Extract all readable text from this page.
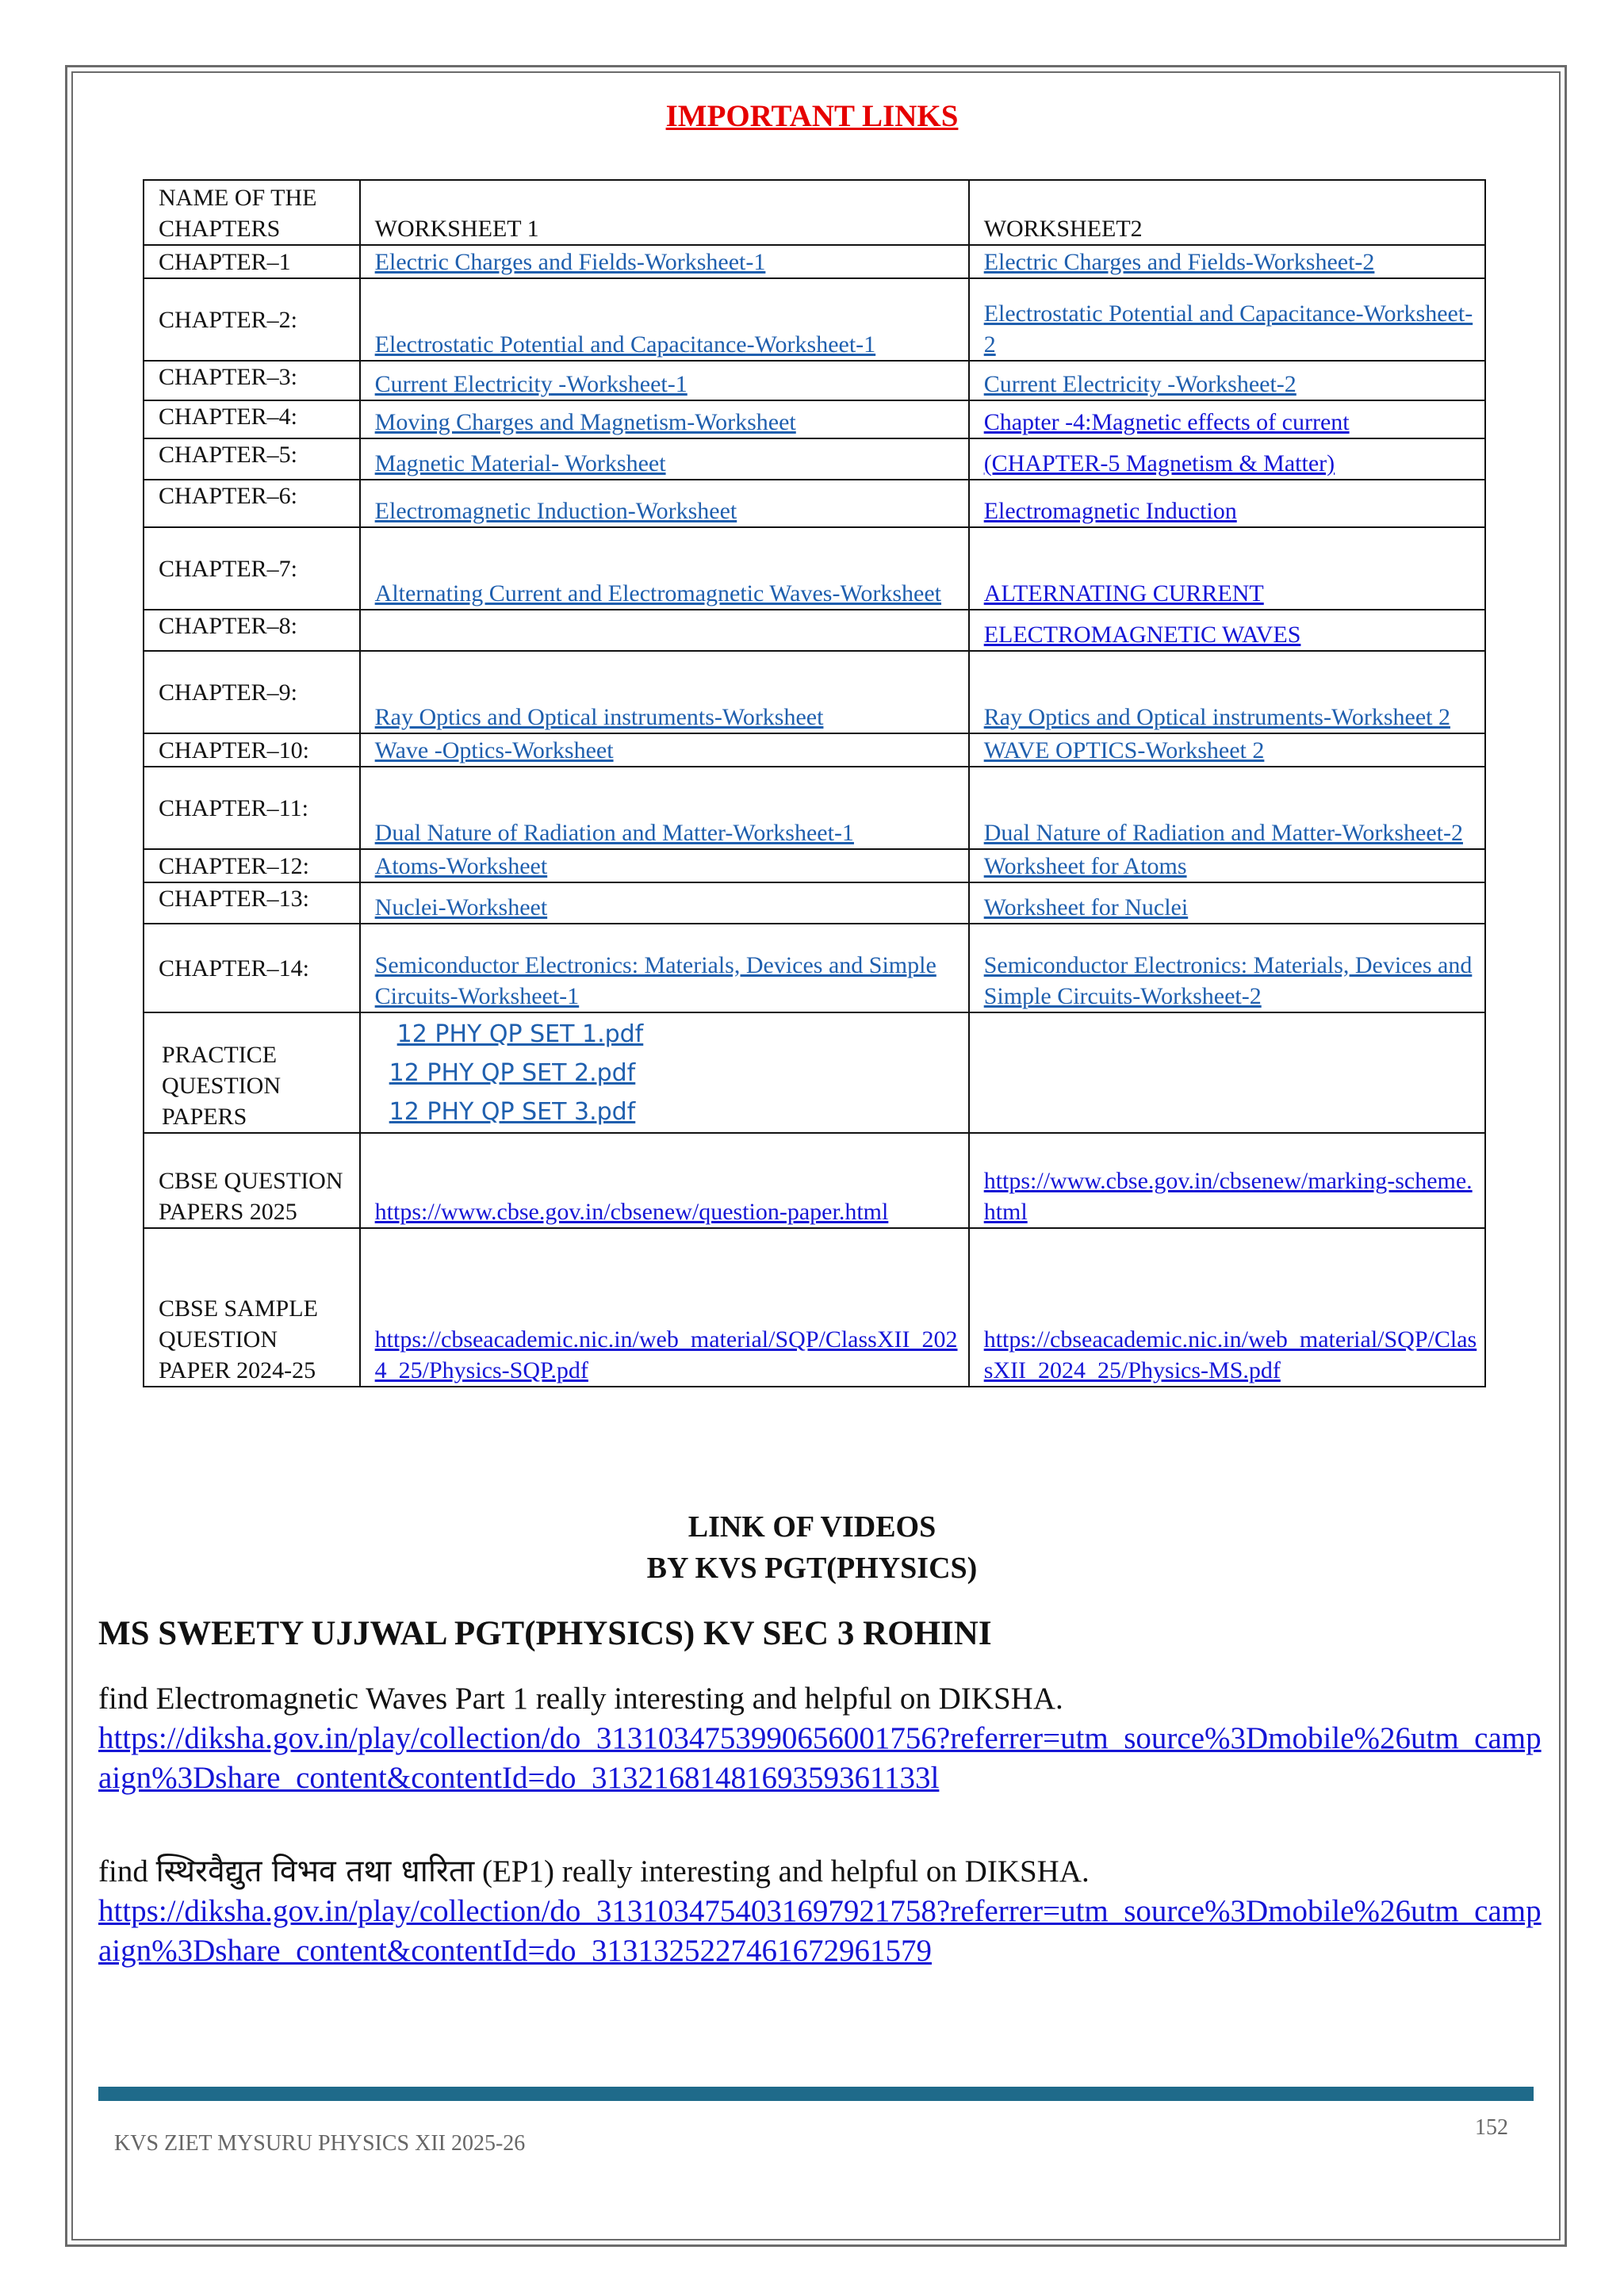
IMPORTANT LINKS
NAME OF THE CHAPTERS	WORKSHEET 1	WORKSHEET2
CHAPTER–1	Electric Charges and Fields-Worksheet-1	Electric Charges and Fields-Worksheet-2
CHAPTER–2:	Electrostatic Potential and Capacitance-Worksheet-1	Electrostatic Potential and Capacitance-Worksheet-2
CHAPTER–3:	Current Electricity -Worksheet-1	Current Electricity -Worksheet-2
CHAPTER–4:	Moving Charges and Magnetism-Worksheet	Chapter -4:Magnetic effects of current
CHAPTER–5:	Magnetic Material- Worksheet	(CHAPTER-5 Magnetism & Matter)
CHAPTER–6:	Electromagnetic Induction-Worksheet	Electromagnetic Induction
CHAPTER–7:	Alternating Current and Electromagnetic Waves-Worksheet	ALTERNATING CURRENT
CHAPTER–8:		ELECTROMAGNETIC WAVES
CHAPTER–9:	Ray Optics and Optical instruments-Worksheet	Ray Optics and Optical instruments-Worksheet 2
CHAPTER–10:	Wave -Optics-Worksheet	WAVE OPTICS-Worksheet 2
CHAPTER–11:	Dual Nature of Radiation and Matter-Worksheet-1	Dual Nature of Radiation and Matter-Worksheet-2
CHAPTER–12:	Atoms-Worksheet	Worksheet for Atoms
CHAPTER–13:	Nuclei-Worksheet	Worksheet for Nuclei
CHAPTER–14:	Semiconductor Electronics: Materials, Devices and Simple Circuits-Worksheet-1	Semiconductor Electronics: Materials, Devices and Simple Circuits-Worksheet-2
PRACTICE QUESTION PAPERS	12 PHY QP SET 1.pdf
12 PHY QP SET 2.pdf
12 PHY QP SET 3.pdf	

CBSE QUESTION PAPERS 2025	https://www.cbse.gov.in/cbsenew/question-paper.html	https://www.cbse.gov.in/cbsenew/marking-scheme.html
CBSE SAMPLE QUESTION PAPER 2024-25	https://cbseacademic.nic.in/web_material/SQP/ClassXII_2024_25/Physics-SQP.pdf	https://cbseacademic.nic.in/web_material/SQP/ClassXII_2024_25/Physics-MS.pdf
LINK OF VIDEOS
BY KVS PGT(PHYSICS)
MS SWEETY UJJWAL PGT(PHYSICS) KV SEC 3 ROHINI
find Electromagnetic Waves Part 1 really interesting and helpful on DIKSHA.
https://diksha.gov.in/play/collection/do_3131034753990656001756?referrer=utm_source%3Dmobile%26utm_campaign%3Dshare_content&contentId=do_3132168148169359361133l
find स्थिरवैद्युत विभव तथा धारिता (EP1) really interesting and helpful on DIKSHA.
https://diksha.gov.in/play/collection/do_3131034754031697921758?referrer=utm_source%3Dmobile%26utm_campaign%3Dshare_content&contentId=do_3131325227461672961579
KVS ZIET MYSURU PHYSICS XII 2025-26
152
